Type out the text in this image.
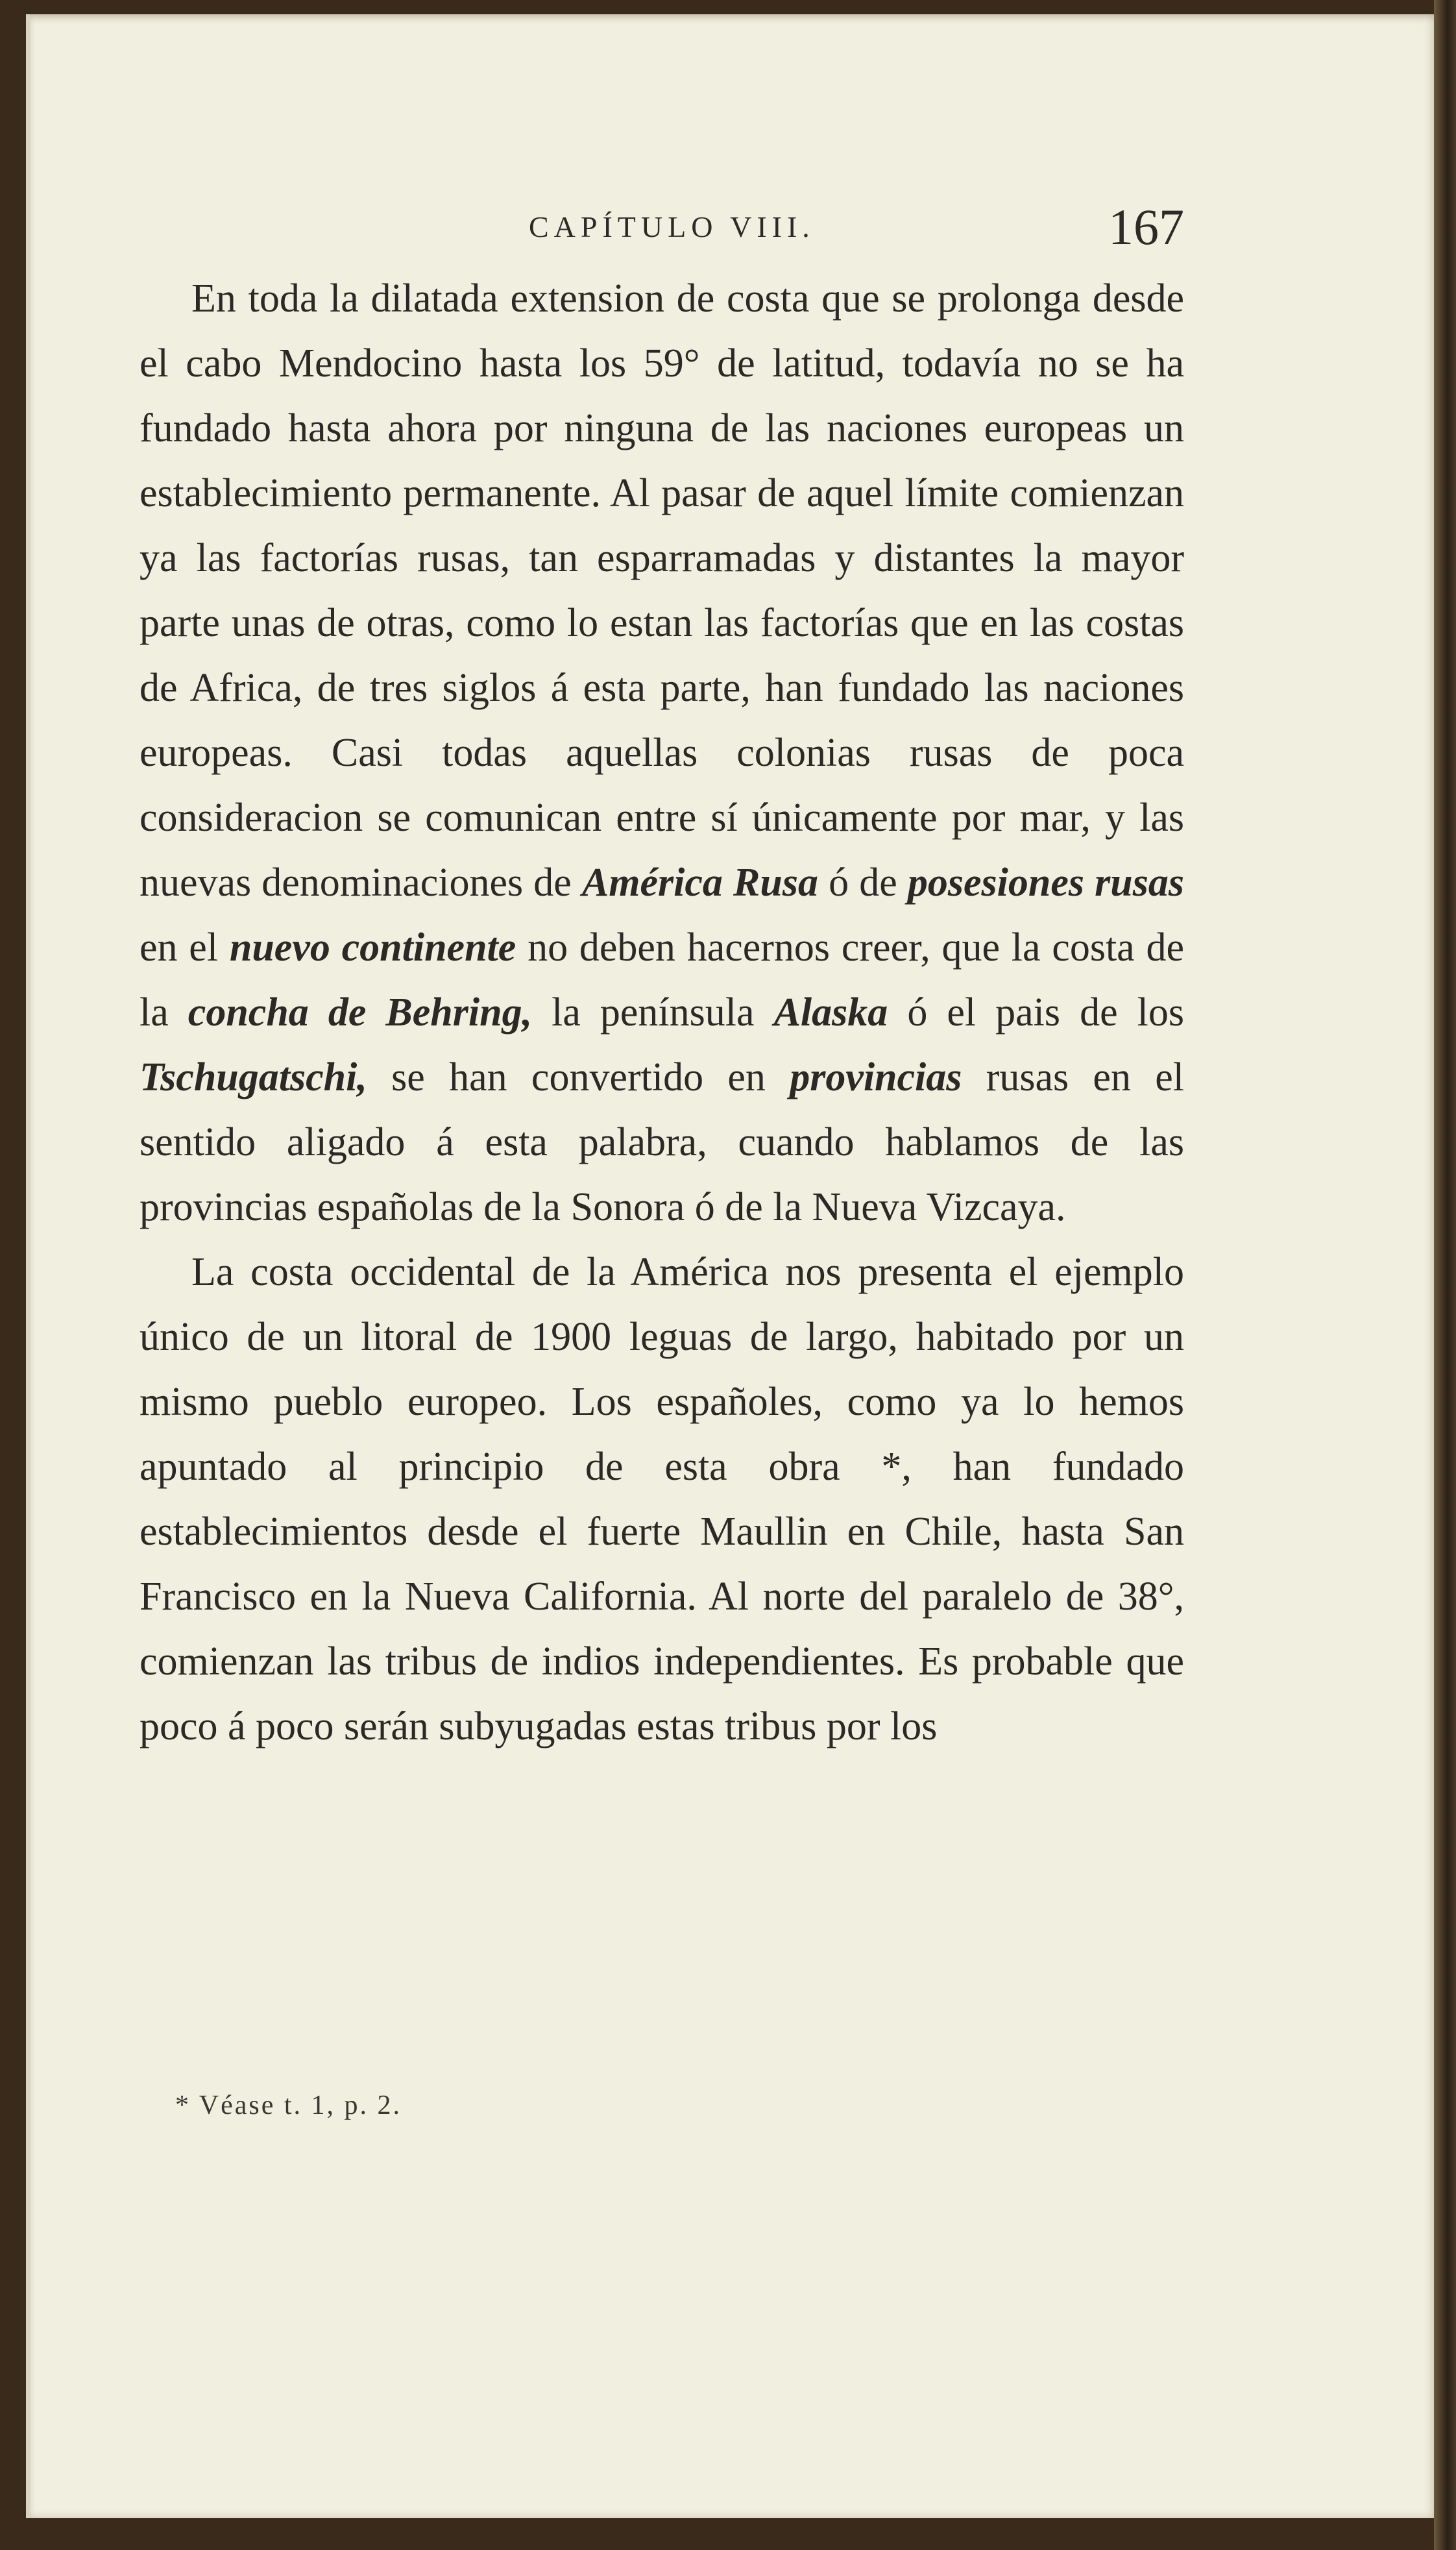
CAPÍTULO VIII.	167

En toda la dilatada extension de costa que se prolonga desde el cabo Mendocino hasta los 59° de latitud, todavía no se ha fundado hasta ahora por ninguna de las naciones europeas un establecimiento permanente. Al pasar de aquel límite comienzan ya las factorías rusas, tan esparramadas y distantes la mayor parte unas de otras, como lo estan las factorías que en las costas de Africa, de tres siglos á esta parte, han fundado las naciones europeas. Casi todas aquellas colonias rusas de poca consideracion se comunican entre sí únicamente por mar, y las nuevas denominaciones de América Rusa ó de posesiones rusas en el nuevo continente no deben hacernos creer, que la costa de la concha de Behring, la península Alaska ó el pais de los Tschugatschi, se han convertido en provincias rusas en el sentido aligado á esta palabra, cuando hablamos de las provincias españolas de la Sonora ó de la Nueva Vizcaya.

La costa occidental de la América nos presenta el ejemplo único de un litoral de 1900 leguas de largo, habitado por un mismo pueblo europeo. Los españoles, como ya lo hemos apuntado al principio de esta obra *, han fundado establecimientos desde el fuerte Maullin en Chile, hasta San Francisco en la Nueva California. Al norte del paralelo de 38°, comienzan las tribus de indios independientes. Es probable que poco á poco serán subyugadas estas tribus por los

* Véase t. 1, p. 2.
